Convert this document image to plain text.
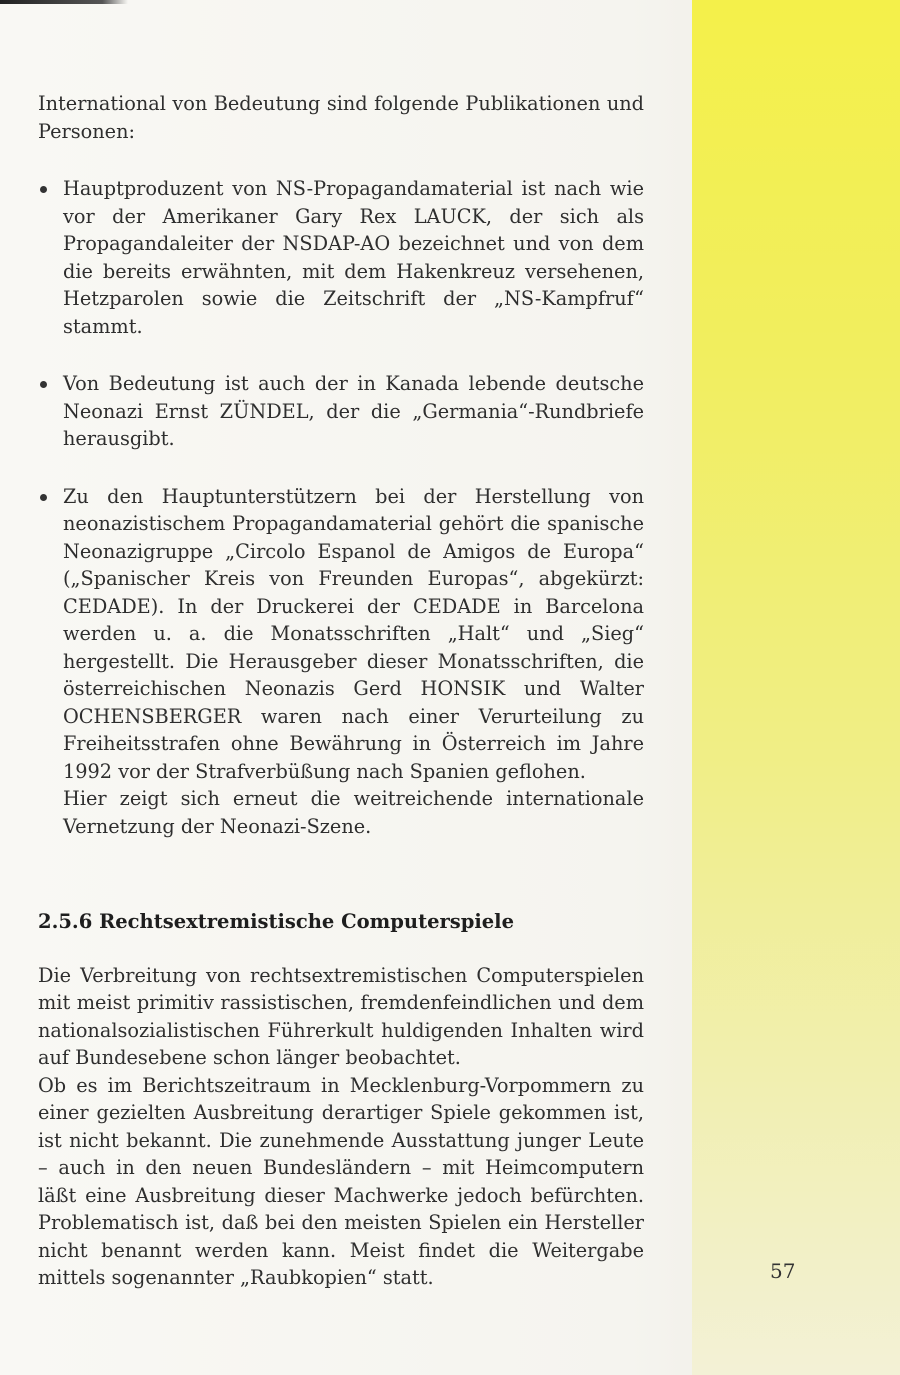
International von Bedeutung sind folgende Publikationen und Personen:

Hauptproduzent von NS-Propagandamaterial ist nach wie vor der Amerikaner Gary Rex LAUCK, der sich als Propagandaleiter der NSDAP-AO bezeichnet und von dem die bereits erwähnten, mit dem Hakenkreuz versehenen, Hetzparolen sowie die Zeitschrift der „NS-Kampfruf“ stammt.

Von Bedeutung ist auch der in Kanada lebende deutsche Neonazi Ernst ZÜNDEL, der die „Germania“-Rundbriefe herausgibt.

Zu den Hauptunterstützern bei der Herstellung von neonazistischem Propagandamaterial gehört die spanische Neonazigruppe „Circolo Espanol de Amigos de Europa“ („Spanischer Kreis von Freunden Europas“, abgekürzt: CEDADE). In der Druckerei der CEDADE in Barcelona werden u. a. die Monatsschriften „Halt“ und „Sieg“ hergestellt. Die Herausgeber dieser Monatsschriften, die österreichischen Neonazis Gerd HONSIK und Walter OCHENSBERGER waren nach einer Verurteilung zu Freiheitsstrafen ohne Bewährung in Österreich im Jahre 1992 vor der Strafverbüßung nach Spanien geflohen.

Hier zeigt sich erneut die weitreichende internationale Vernetzung der Neonazi-Szene.

2.5.6 Rechtsextremistische Computerspiele

Die Verbreitung von rechtsextremistischen Computerspielen mit meist primitiv rassistischen, fremdenfeindlichen und dem nationalsozialistischen Führerkult huldigenden Inhalten wird auf Bundesebene schon länger beobachtet.

Ob es im Berichtszeitraum in Mecklenburg-Vorpommern zu einer gezielten Ausbreitung derartiger Spiele gekommen ist, ist nicht bekannt. Die zunehmende Ausstattung junger Leute – auch in den neuen Bundesländern – mit Heimcomputern läßt eine Ausbreitung dieser Machwerke jedoch befürchten. Problematisch ist, daß bei den meisten Spielen ein Hersteller nicht benannt werden kann. Meist findet die Weitergabe mittels sogenannter „Raubkopien“ statt.	57
